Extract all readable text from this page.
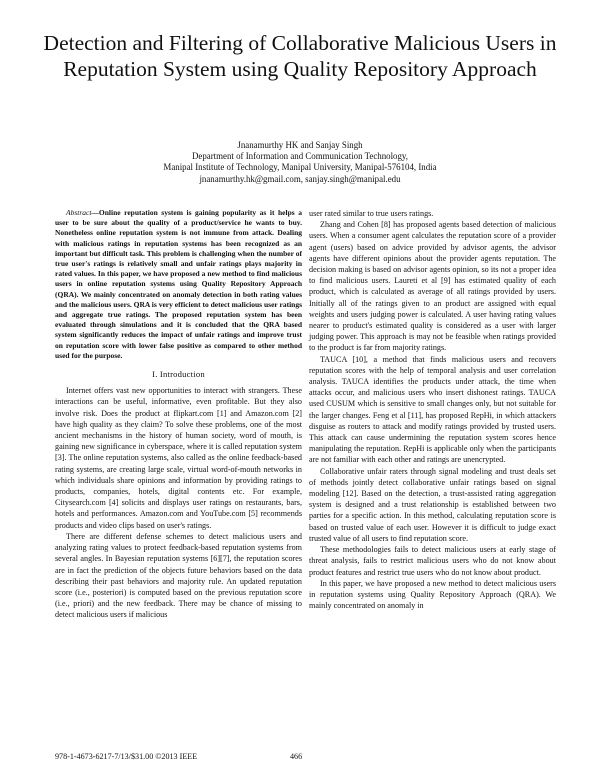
Detection and Filtering of Collaborative Malicious Users in Reputation System using Quality Repository Approach
Jnanamurthy HK and Sanjay Singh
Department of Information and Communication Technology,
Manipal Institute of Technology, Manipal University, Manipal-576104, India
jnanamurthy.hk@gmail.com, sanjay.singh@manipal.edu

Abstract—Online reputation system is gaining popularity as it helps a user to be sure about the quality of a product/service he wants to buy. Nonetheless online reputation system is not immune from attack. Dealing with malicious ratings in reputation systems has been recognized as an important but difficult task. This problem is challenging when the number of true user's ratings is relatively small and unfair ratings plays majority in rated values. In this paper, we have proposed a new method to find malicious users in online reputation systems using Quality Repository Approach (QRA). We mainly concentrated on anomaly detection in both rating values and the malicious users. QRA is very efficient to detect malicious user ratings and aggregate true ratings. The proposed reputation system has been evaluated through simulations and it is concluded that the QRA based system significantly reduces the impact of unfair ratings and improve trust on reputation score with lower false positive as compared to other method used for the purpose.

I. Introduction

Internet offers vast new opportunities to interact with strangers. These interactions can be useful, informative, even profitable. But they also involve risk. Does the product at flipkart.com [1] and Amazon.com [2] have high quality as they claim? To solve these problems, one of the most ancient mechanisms in the history of human society, word of mouth, is gaining new significance in cyberspace, where it is called reputation system [3]. The online reputation systems, also called as the online feedback-based rating systems, are creating large scale, virtual word-of-mouth networks in which individuals share opinions and information by providing ratings to products, companies, hotels, digital contents etc. For example, Citysearch.com [4] solicits and displays user ratings on restaurants, bars, hotels and performances. Amazon.com and YouTube.com [5] recommends products and video clips based on user's ratings.

There are different defense schemes to detect malicious users and analyzing rating values to protect feedback-based reputation systems from several angles. In Bayesian reputation systems [6][7], the reputation scores are in fact the prediction of the objects future behaviors based on the data describing their past behaviors and majority rule. An updated reputation score (i.e., posteriori) is computed based on the previous reputation score (i.e., priori) and the new feedback. There may be chance of missing to detect malicious users if malicious

user rated similar to true users ratings.

Zhang and Cohen [8] has proposed agents based detection of malicious users. When a consumer agent calculates the reputation score of a provider agent (users) based on advice provided by advisor agents, the advisor agents have different opinions about the provider agents reputation. The decision making is based on advisor agents opinion, so its not a proper idea to find malicious users. Laureti et al [9] has estimated quality of each product, which is calculated as average of all ratings provided by users. Initially all of the ratings given to an product are assigned with equal weights and users judging power is calculated. A user having rating values nearer to product's estimated quality is considered as a user with larger judging power. This approach is may not be feasible when ratings provided to the product is far from majority ratings.

TAUCA [10], a method that finds malicious users and recovers reputation scores with the help of temporal analysis and user correlation analysis. TAUCA identifies the products under attack, the time when attacks occur, and malicious users who insert dishonest ratings. TAUCA used CUSUM which is sensitive to small changes only, but not suitable for the larger changes. Feng et al [11], has proposed RepHi, in which attackers disguise as routers to attack and modify ratings provided by trusted users. This attack can cause undermining the reputation system scores hence manipulating the reputation. RepHi is applicable only when the participants are not familiar with each other and ratings are unencrypted.

Collaborative unfair raters through signal modeling and trust deals set of methods jointly detect collaborative unfair ratings based on signal modeling [12]. Based on the detection, a trust-assisted rating aggregation system is designed and a trust relationship is established between two parties for a specific action. In this method, calculating reputation score is based on trusted value of each user. However it is difficult to judge exact trusted value of all users to find reputation score.

These methodologies fails to detect malicious users at early stage of threat analysis, fails to restrict malicious users who do not know about product features and restrict true users who do not know about product.

In this paper, we have proposed a new method to detect malicious users in reputation systems using Quality Repository Approach (QRA). We mainly concentrated on anomaly in

978-1-4673-6217-7/13/$31.00 ©2013 IEEE	466
